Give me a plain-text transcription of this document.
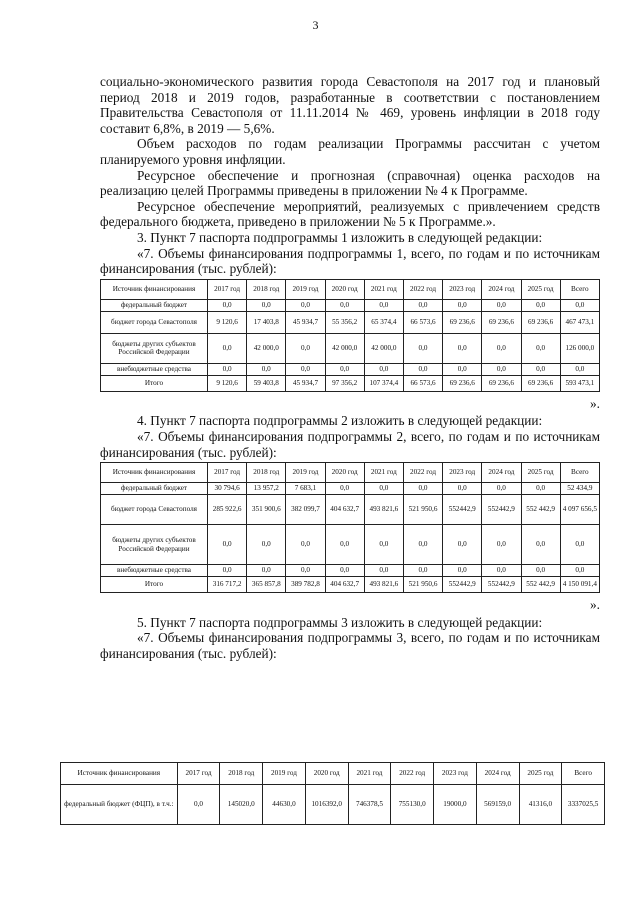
3

социально-экономического развития города Севастополя на 2017 год и плановый период 2018 и 2019 годов, разработанные в соответствии с постановлением Правительства Севастополя от 11.11.2014 № 469, уровень инфляции в 2018 году составит 6,8%, в 2019 — 5,6%.

Объем расходов по годам реализации Программы рассчитан с учетом планируемого уровня инфляции.

Ресурсное обеспечение и прогнозная (справочная) оценка расходов на реализацию целей Программы приведены в приложении № 4 к Программе.

Ресурсное обеспечение мероприятий, реализуемых с привлечением средств федерального бюджета, приведено в приложении № 5 к Программе.».

3. Пункт 7 паспорта подпрограммы 1 изложить в следующей редакции:

«7. Объемы финансирования подпрограммы 1, всего, по годам и по источникам финансирования (тыс. рублей):

Источник финансирования	2017 год	2018 год	2019 год	2020 год	2021 год	2022 год	2023 год	2024 год	2025 год	Всего
федеральный бюджет	0,0	0,0	0,0	0,0	0,0	0,0	0,0	0,0	0,0	0,0
бюджет города Севастополя	9 120,6	17 403,8	45 934,7	55 356,2	65 374,4	66 573,6	69 236,6	69 236,6	69 236,6	467 473,1
бюджеты других субъектов Российской Федерации	0,0	42 000,0	0,0	42 000,0	42 000,0	0,0	0,0	0,0	0,0	126 000,0
внебюджетные средства	0,0	0,0	0,0	0,0	0,0	0,0	0,0	0,0	0,0	0,0
Итого	9 120,6	59 403,8	45 934,7	97 356,2	107 374,4	66 573,6	69 236,6	69 236,6	69 236,6	593 473,1
».

4. Пункт 7 паспорта подпрограммы 2 изложить в следующей редакции:

«7. Объемы финансирования подпрограммы 2, всего, по годам и по источникам финансирования (тыс. рублей):

Источник финансирования	2017 год	2018 год	2019 год	2020 год	2021 год	2022 год	2023 год	2024 год	2025 год	Всего
федеральный бюджет	30 794,6	13 957,2	7 683,1	0,0	0,0	0,0	0,0	0,0	0,0	52 434,9
бюджет города Севастополя	285 922,6	351 900,6	382 099,7	404 632,7	493 821,6	521 950,6	552442,9	552442,9	552 442,9	4 097 656,5
бюджеты других субъектов Российской Федерации	0,0	0,0	0,0	0,0	0,0	0,0	0,0	0,0	0,0	0,0
внебюджетные средства	0,0	0,0	0,0	0,0	0,0	0,0	0,0	0,0	0,0	0,0
Итого	316 717,2	365 857,8	389 782,8	404 632,7	493 821,6	521 950,6	552442,9	552442,9	552 442,9	4 150 091,4
».

5. Пункт 7 паспорта подпрограммы 3 изложить в следующей редакции:

«7. Объемы финансирования подпрограммы 3, всего, по годам и по источникам финансирования (тыс. рублей):

Источник финансирования	2017 год	2018 год	2019 год	2020 год	2021 год	2022 год	2023 год	2024 год	2025 год	Всего
федеральный бюджет (ФЦП), в т.ч.:	0,0	145020,0	44630,0	1016392,0	746378,5	755130,0	19000,0	569159,0	41316,0	3337025,5
